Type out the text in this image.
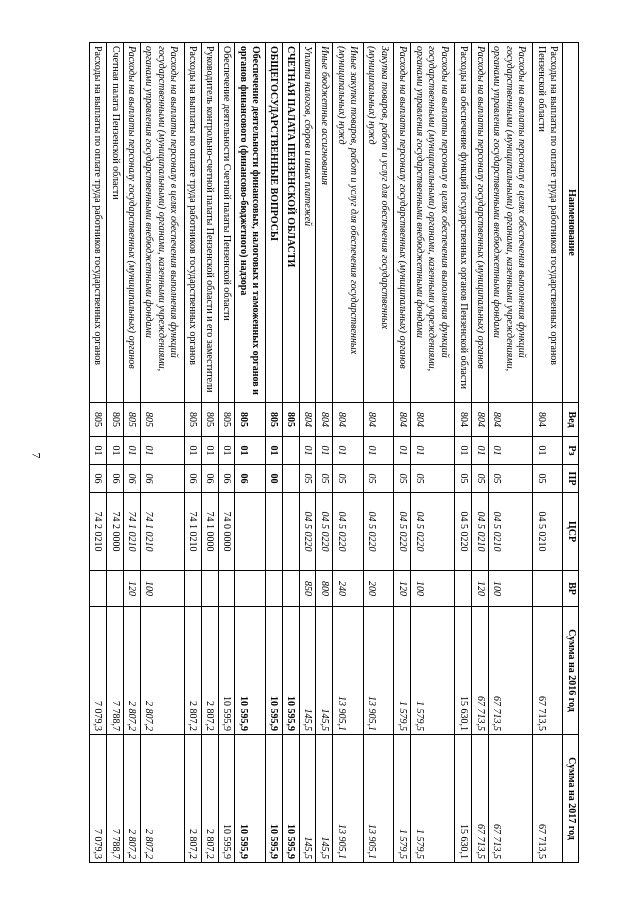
7
Наименование	Вед	Рз	ПР	ЦСР	ВР	Сумма на 2016 год	Сумма на 2017 год
Расходы на выплаты по оплате труда работников государственных органов Пензенской области	804	01	05	04 5 0210		67 713,5	67 713,5
Расходы на выплаты персоналу в целях обеспечения выполнения функций государственными (муниципальными) органами, казенными учреждениями, органами управления государственными внебюджетными фондами	804	01	05	04 5 0210	100	67 713,5	67 713,5
Расходы на выплаты персоналу государственных (муниципальных) органов	804	01	05	04 5 0210	120	67 713,5	67 713,5
Расходы на обеспечение функций государственных органов Пензенской области	804	01	05	04 5 0220		15 630,1	15 630,1
Расходы на выплаты персоналу в целях обеспечения выполнения функций государственными (муниципальными) органами, казенными учреждениями, органами управления государственными внебюджетными фондами	804	01	05	04 5 0220	100	1 579,5	1 579,5
Расходы на выплаты персоналу государственных (муниципальных) органов	804	01	05	04 5 0220	120	1 579,5	1 579,5
Закупка товаров, работ и услуг для обеспечения государственных (муниципальных) нужд	804	01	05	04 5 0220	200	13 905,1	13 905,1
Иные закупки товаров, работ и услуг для обеспечения государственных (муниципальных) нужд	804	01	05	04 5 0220	240	13 905,1	13 905,1
Иные бюджетные ассигнования	804	01	05	04 5 0220	800	145,5	145,5
Уплата налогов, сборов и иных платежей	804	01	05	04 5 0220	850	145,5	145,5
СЧЕТНАЯ ПАЛАТА ПЕНЗЕНСКОЙ ОБЛАСТИ	805					10 595,9	10 595,9
ОБЩЕГОСУДАРСТВЕННЫЕ ВОПРОСЫ	805	01	00			10 595,9	10 595,9
Обеспечение деятельности финансовых, налоговых и таможенных органов и органов финансового (финансово-бюджетного) надзора	805	01	06			10 595,9	10 595,9
Обеспечение деятельности Счетной палаты Пензенской области	805	01	06	74 0 0000		10 595,9	10 595,9
Руководитель контрольно-счетной палаты Пензенской области и его заместители	805	01	06	74 1 0000		2 807,2	2 807,2
Расходы на выплаты по оплате труда работников государственных органов	805	01	06	74 1 0210		2 807,2	2 807,2
Расходы на выплаты персоналу в целях обеспечения выполнения функций государственными (муниципальными) органами, казенными учреждениями, органами управления государственными внебюджетными фондами	805	01	06	74 1 0210	100	2 807,2	2 807,2
Расходы на выплаты персоналу государственных (муниципальных) органов	805	01	06	74 1 0210	120	2 807,2	2 807,2
Счетная палата Пензенской области	805	01	06	74 2 0000		7 788,7	7 788,7
Расходы на выплаты по оплате труда работников государственных органов	805	01	06	74 2 0210		7 079,3	7 079,3
